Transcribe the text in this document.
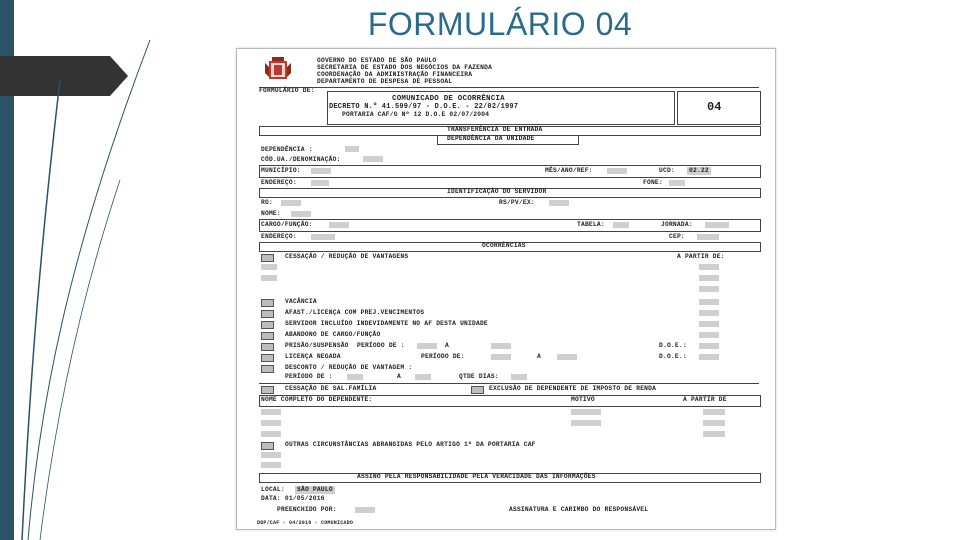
FORMULÁRIO 04
GOVERNO DO ESTADO DE SÃO PAULO
SECRETARIA DE ESTADO DOS NEGÓCIOS DA FAZENDA
COORDENAÇÃO DA ADMINISTRAÇÃO FINANCEIRA
DEPARTAMENTO DE DESPESA DE PESSOAL
FORMULÁRIO DE:
COMUNICADO DE OCORRÊNCIA
DECRETO N.º 41.599/97 - D.O.E. - 22/02/1997
PORTARIA CAF/G Nº 12 D.O.E 02/07/2004
04
TRANSFERÊNCIA DE ENTRADA
DEPENDÊNCIA DA UNIDADE
DEPENDÊNCIA :
CÓD.UA./DENOMINAÇÃO:
MUNICÍPIO:	MÊS/ANO/REF:	UCD:	02.22
ENDEREÇO:	FONE:
IDENTIFICAÇÃO DO SERVIDOR
RG:	RS/PV/EX:
NOME:
CARGO/FUNÇÃO:	TABELA:	JORNADA:
ENDEREÇO:	CEP:
OCORRÊNCIAS
CESSAÇÃO / REDUÇÃO DE VANTAGENS	A PARTIR DE:
VACÂNCIA
AFAST./LICENÇA COM PREJ.VENCIMENTOS
SERVIDOR INCLUÍDO INDEVIDAMENTE NO AF DESTA UNIDADE
ABANDONO DE CARGO/FUNÇÃO
PRISÃO/SUSPENSÃO PERÍODO DE :	A	D.O.E.:
LICENÇA NEGADA	PERÍODO DE:	A	D.O.E.:
DESCONTO / REDUÇÃO DE VANTAGEM :
PERÍODO DE :	A	QTDE DIAS:
CESSAÇÃO DE SAL.FAMÍLIA	EXCLUSÃO DE DEPENDENTE DE IMPOSTO DE RENDA
NOME COMPLETO DO DEPENDENTE:	MOTIVO	A PARTIR DE
OUTRAS CIRCUNSTÂNCIAS ABRANGIDAS PELO ARTIGO 1º DA PORTARIA CAF
ASSINO PELA RESPONSABILIDADE PELA VERACIDADE DAS INFORMAÇÕES
LOCAL:	SÃO PAULO
DATA: 01/05/2016
PREENCHIDO POR:	ASSINATURA E CARIMBO DO RESPONSÁVEL
DDP/CAF - 04/2016 - COMUNICADO
